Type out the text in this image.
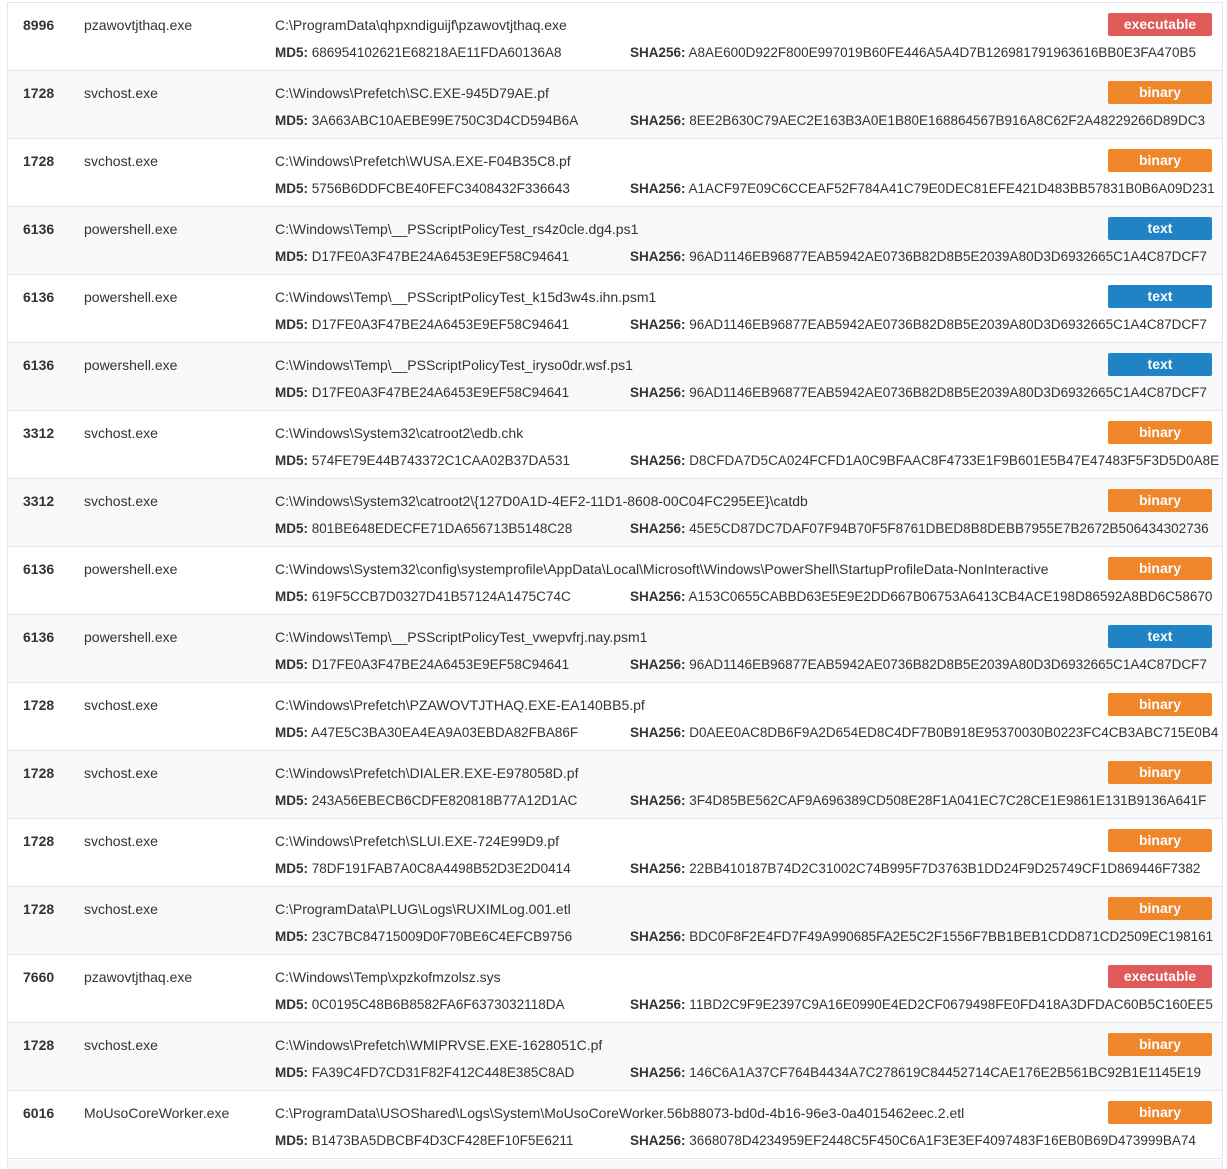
8996 pzawovtjthaq.exe	C:\ProgramData\qhpxndiguijf\pzawovtjthaq.exe
MD5: 686954102621E68218AE11FDA60136A8	SHA256: A8AE600D922F800E997019B60FE446A5A4D7B126981791963616BB0E3FA470B5
executable
1728 svchost.exe	C:\Windows\Prefetch\SC.EXE-945D79AE.pf
MD5: 3A663ABC10AEBE99E750C3D4CD594B6A	SHA256: 8EE2B630C79AEC2E163B3A0E1B80E168864567B916A8C62F2A48229266D89DC3
binary
1728 svchost.exe	C:\Windows\Prefetch\WUSA.EXE-F04B35C8.pf
MD5: 5756B6DDFCBE40FEFC3408432F336643	SHA256: A1ACF97E09C6CCEAF52F784A41C79E0DEC81EFE421D483BB57831B0B6A09D231
binary
6136 powershell.exe	C:\Windows\Temp\__PSScriptPolicyTest_rs4z0cle.dg4.ps1
MD5: D17FE0A3F47BE24A6453E9EF58C94641	SHA256: 96AD1146EB96877EAB5942AE0736B82D8B5E2039A80D3D6932665C1A4C87DCF7
text
6136 powershell.exe	C:\Windows\Temp\__PSScriptPolicyTest_k15d3w4s.ihn.psm1
MD5: D17FE0A3F47BE24A6453E9EF58C94641	SHA256: 96AD1146EB96877EAB5942AE0736B82D8B5E2039A80D3D6932665C1A4C87DCF7
text
6136 powershell.exe	C:\Windows\Temp\__PSScriptPolicyTest_iryso0dr.wsf.ps1
MD5: D17FE0A3F47BE24A6453E9EF58C94641	SHA256: 96AD1146EB96877EAB5942AE0736B82D8B5E2039A80D3D6932665C1A4C87DCF7
text
3312 svchost.exe	C:\Windows\System32\catroot2\edb.chk
MD5: 574FE79E44B743372C1CAA02B37DA531	SHA256: D8CFDA7D5CA024FCFD1A0C9BFAAC8F4733E1F9B601E5B47E47483F5F3D5D0A8E
binary
3312 svchost.exe	C:\Windows\System32\catroot2\{127D0A1D-4EF2-11D1-8608-00C04FC295EE}\catdb
MD5: 801BE648EDECFE71DA656713B5148C28	SHA256: 45E5CD87DC7DAF07F94B70F5F8761DBED8B8DEBB7955E7B2672B506434302736
binary
6136 powershell.exe	C:\Windows\System32\config\systemprofile\AppData\Local\Microsoft\Windows\PowerShell\StartupProfileData-NonInteractive
MD5: 619F5CCB7D0327D41B57124A1475C74C	SHA256: A153C0655CABBD63E5E9E2DD667B06753A6413CB4ACE198D86592A8BD6C58670
binary
6136 powershell.exe	C:\Windows\Temp\__PSScriptPolicyTest_vwepvfrj.nay.psm1
MD5: D17FE0A3F47BE24A6453E9EF58C94641	SHA256: 96AD1146EB96877EAB5942AE0736B82D8B5E2039A80D3D6932665C1A4C87DCF7
text
1728 svchost.exe	C:\Windows\Prefetch\PZAWOVTJTHAQ.EXE-EA140BB5.pf
MD5: A47E5C3BA30EA4EA9A03EBDA82FBA86F	SHA256: D0AEE0AC8DB6F9A2D654ED8C4DF7B0B918E95370030B0223FC4CB3ABC715E0B4
binary
1728 svchost.exe	C:\Windows\Prefetch\DIALER.EXE-E978058D.pf
MD5: 243A56EBECB6CDFE820818B77A12D1AC	SHA256: 3F4D85BE562CAF9A696389CD508E28F1A041EC7C28CE1E9861E131B9136A641F
binary
1728 svchost.exe	C:\Windows\Prefetch\SLUI.EXE-724E99D9.pf
MD5: 78DF191FAB7A0C8A4498B52D3E2D0414	SHA256: 22BB410187B74D2C31002C74B995F7D3763B1DD24F9D25749CF1D869446F7382
binary
1728 svchost.exe	C:\ProgramData\PLUG\Logs\RUXIMLog.001.etl
MD5: 23C7BC84715009D0F70BE6C4EFCB9756	SHA256: BDC0F8F2E4FD7F49A990685FA2E5C2F1556F7BB1BEB1CDD871CD2509EC198161
binary
7660 pzawovtjthaq.exe	C:\Windows\Temp\xpzkofmzolsz.sys
MD5: 0C0195C48B6B8582FA6F6373032118DA	SHA256: 11BD2C9F9E2397C9A16E0990E4ED2CF0679498FE0FD418A3DFDAC60B5C160EE5
executable
1728 svchost.exe	C:\Windows\Prefetch\WMIPRVSE.EXE-1628051C.pf
MD5: FA39C4FD7CD31F82F412C448E385C8AD	SHA256: 146C6A1A37CF764B4434A7C278619C84452714CAE176E2B561BC92B1E1145E19
binary
6016 MoUsoCoreWorker.exe	C:\ProgramData\USOShared\Logs\System\MoUsoCoreWorker.56b88073-bd0d-4b16-96e3-0a4015462eec.2.etl
MD5: B1473BA5DBCBF4D3CF428EF10F5E6211	SHA256: 3668078D4234959EF2448C5F450C6A1F3E3EF4097483F16EB0B69D473999BA74
binary
